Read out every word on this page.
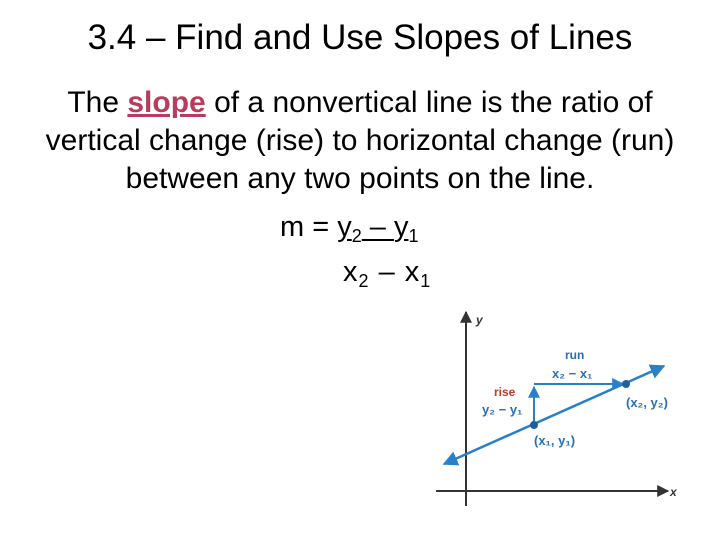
3.4 – Find and Use Slopes of Lines
The slope of a nonvertical line is the ratio of vertical change (rise) to horizontal change (run) between any two points on the line.
$m = y_2 - y_1$
$x_2 - x_1$
y
x
run
x₂ − x₁
rise
y₂ − y₁	(x₂, y₂)
(x₁, y₁)
